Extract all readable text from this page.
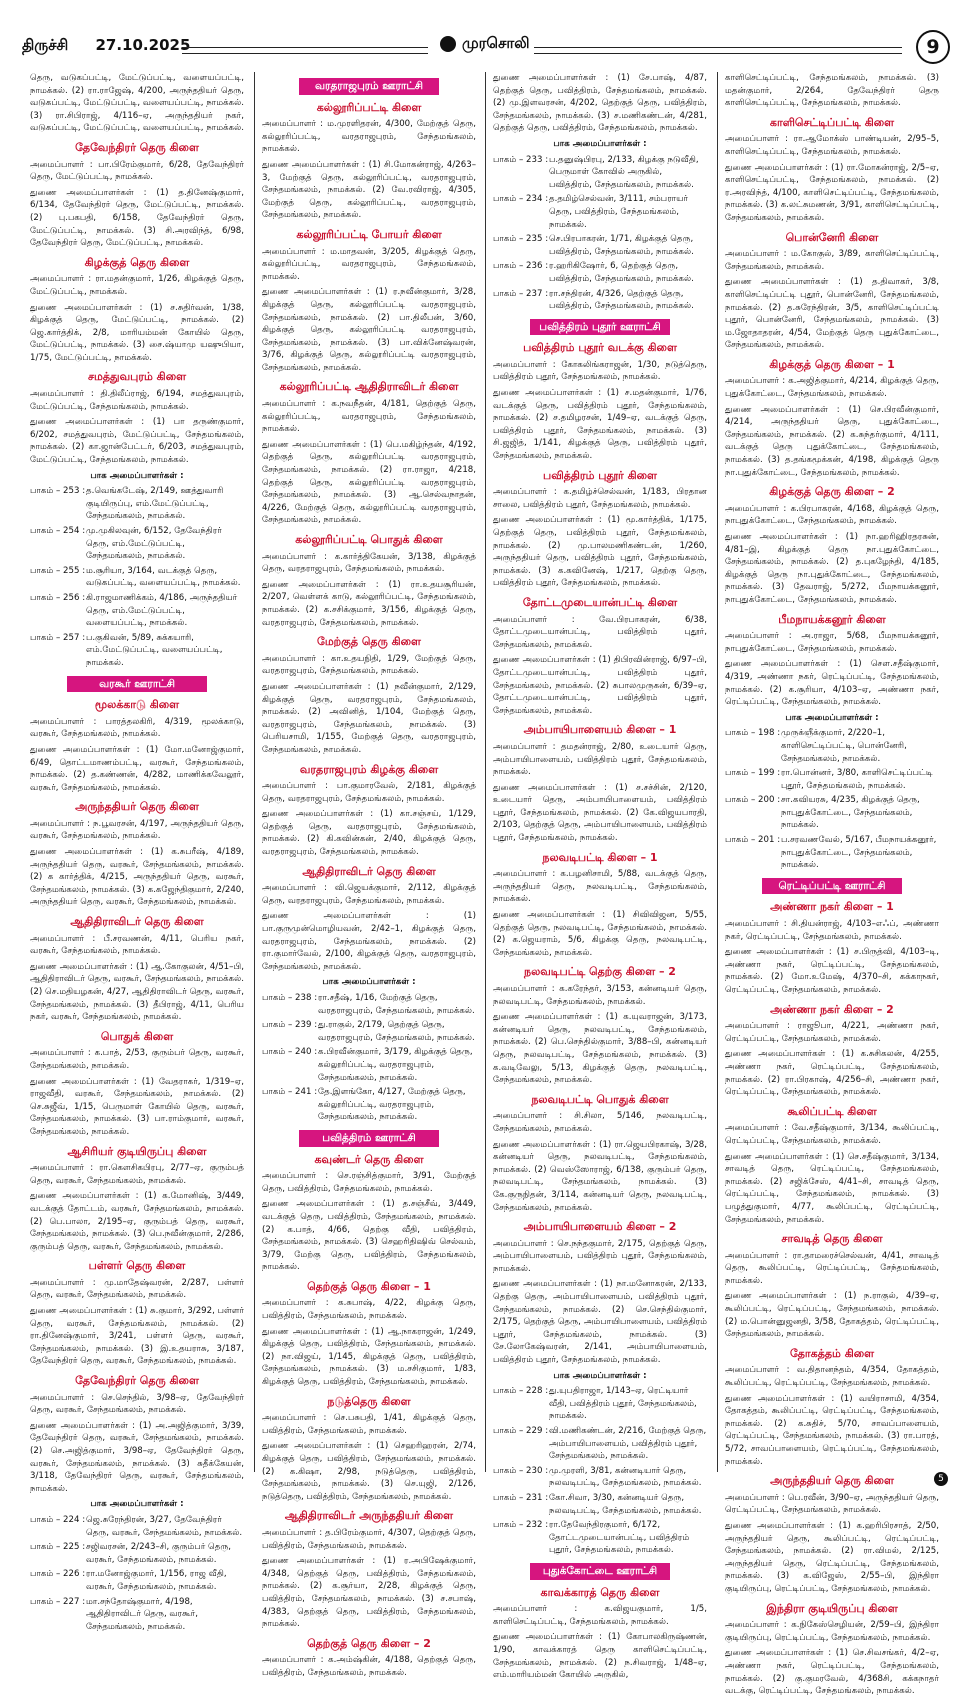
திருச்சி 27.10.2025	முரசொலி	9

தெரு, வடுகப்பட்டி, மேட்டுப்பட்டி, வளையப்பட்டி, நாமக்கல். (2) ரா.ராஜேஷ், 4/200, அருந்ததியர் தெரு, வடுகப்பட்டி, மேட்டுப்பட்டி, வளையப்பட்டி, நாமக்கல். (3) ரா.சிபிராஜ், 4/116–ஏ, அருந்ததியர் நகர், வடுகப்பட்டி, மேட்டுப்பட்டி, வளையப்பட்டி, நாமக்கல்.

தேவேந்திரர் தெரு கிளை

அமைப்பாளர் : பா.பிரேம்குமார், 6/28, தேவேந்திரர் தெரு, மேட்டுப்பட்டி, நாமக்கல்.

துணை அமைப்பாளர்கள் : (1) த.தினேஷ்குமார், 6/134, தேவேந்திரர் தெரு, மேட்டுப்பட்டி, நாமக்கல். (2) பு.பகபதி, 6/158, தேவேந்திரர் தெரு, மேட்டுப்பட்டி, நாமக்கல். (3) சி.அரவிந்த், 6/98, தேவேந்திரர் தெரு, மேட்டுப்பட்டி, நாமக்கல்.

கிழக்குத் தெரு கிளை

அமைப்பாளர் : ரா.மதன்குமார், 1/26, கிழக்குத் தெரு, மேட்டுப்பட்டி, நாமக்கல்.

துணை அமைப்பாளர்கள் : (1) ச.சுதிர்வன், 1/38, கிழக்குத் தெரு, மேட்டுப்பட்டி, நாமக்கல். (2) ஜெ.கார்த்திக், 2/8, மாரியம்மன் கோயில் தெரு, மேட்டுப்பட்டி, நாமக்கல். (3) சை.ஷ்யாமு யஷுபியா, 1/75, மேட்டுப்பட்டி, நாமக்கல்.

சமத்துவபுரம் கிளை

அமைப்பாளர் : தி.திலீப்ராஜ், 6/194, சமத்துவபுரம், மேட்டுப்பட்டி, சேந்தமங்கலம், நாமக்கல்.

துணை அமைப்பாளர்கள் : (1) பா தருண்குமார், 6/202, சமத்துவபுரம், மேட்டுப்பட்டி, சேந்தமங்கலம், நாமக்கல். (2) கா.ஜான்பேட்டர், 6/203, சமத்துவபுரம், மேட்டுப்பட்டி, சேந்தமங்கலம், நாமக்கல்.

பாக அமைப்பாளர்கள் :
பாகம் – 253 : த.வெங்கடேஷ், 2/149, ஊத்துவாரி குடியிருப்பு, எம்.மேட்டுப்பட்டி, சேந்தமங்கலம், நாமக்கல்.
பாகம் – 254 : மு.முகிலவுன், 6/152, தேவேந்திரர் தெரு, எம்.மேட்டுப்பட்டி, சேந்தமங்கலம், நாமக்கல்.
பாகம் – 255 : ம.சூரியா, 3/164, வடக்குத் தெரு, வடுகப்பட்டி, வளையப்பட்டி, நாமக்கல்.
பாகம் – 256 : கி.ராஜமாணிக்கம், 4/186, அருந்ததியர் தெரு, எம்.மேட்டுப்பட்டி, வளையப்பட்டி, நாமக்கல்.
பாகம் – 257 : ப.குகிவன், 5/89, சுக்கயாரி, எம்.மேட்டுப்பட்டி, வளையப்பட்டி, நாமக்கல்.
வரகூர் ஊராட்சி
மூலக்காடு கிளை

அமைப்பாளர் : பாரத்தலகிரி, 4/319, மூலக்காடு, வரகூர், சேந்தமங்கலம், நாமக்கல்.

துணை அமைப்பாளர்கள் : (1) மோ.மனோஜ்குமார், 6/49, தொட்டமாணம்பட்டி, வரகூர், சேந்தமங்கலம், நாமக்கல். (2) த.கண்ணன், 4/282, மாணிக்கவேலூர், வரகூர், சேந்தமங்கலம், நாமக்கல்.

அருந்ததியர் தெரு கிளை

அமைப்பாளர் : ந.பூவரசன், 4/197, அருந்ததியர் தெரு, வரகூர், சேந்தமங்கலம், நாமக்கல்.

துணை அமைப்பாளர்கள் : (1) க.சுபரீஷ், 4/189, அருந்ததியர் தெரு, வரகூர், சேந்தமங்கலம், நாமக்கல். (2) க கார்த்திக், 4/215, அருந்ததியர் தெரு, வரகூர், சேந்தமங்கலம், நாமக்கல். (3) க.கஜேந்திகுமார், 2/240, அருந்ததியர் தெரு, வரகூர், சேந்தமங்கலம், நாமக்கல்.

ஆதிதிராவிடர் தெரு கிளை

அமைப்பாளர் : பீ.சரவணன், 4/11, பெரிய நகர், வரகூர், சேந்தமங்கலம், நாமக்கல்.

துணை அமைப்பாளர்கள் : (1) ஆ.கோகுலன், 4/51–பி, ஆதிதிராவிடர் தெரு, வரகூர், சேந்தமங்கலம், நாமக்கல். (2) செ.மதியழகன், 4/27, ஆதிதிராவிடர் தெரு, வரகூர், சேந்தமங்கலம், நாமக்கல். (3) தீபிராஜ், 4/11, பெரிய நகர், வரகூர், சேந்தமங்கலம், நாமக்கல்.

பொதுக் கிளை

அமைப்பாளர் : க.பாத், 2/53, குரும்பர் தெரு, வரகூர், சேந்தமங்கலம், நாமக்கல்.

துணை அமைப்பாளர்கள் : (1) வேதராகர், 1/319–ஏ, ராஜவீதி, வரகூர், சேந்தமங்கலம், நாமக்கல். (2) செ.சுஜீவ், 1/15, பெருமாள் கோயில் தெரு, வரகூர், சேந்தமங்கலம், நாமக்கல். (3) பா.ராம்குமார், வரகூர், சேந்தமங்கலம், நாமக்கல்.

ஆசிரியர் குடியிருப்பு கிளை

அமைப்பாளர் : ரா.கௌசிகபிரபு, 2/77–ஏ, குரும்பத் தெரு, வரகூர், சேந்தமங்கலம், நாமக்கல்.

துணை அமைப்பாளர்கள் : (1) க.மோனிஷ், 3/449, வடக்குத் தோட்டம், வரகூர், சேந்தமங்கலம், நாமக்கல். (2) பெ.பாலா, 2/195–ஏ, குரும்பத் தெரு, வரகூர், சேந்தமங்கலம், நாமக்கல். (3) பெ.நவீன்குமார், 2/286, குரும்பத் தெரு, வரகூர், சேந்தமங்கலம், நாமக்கல்.

பள்ளர் தெரு கிளை

அமைப்பாளர் : மு.மாதேஷ்வரன், 2/287, பள்ளர் தெரு, வரகூர், சேந்தமங்கலம், நாமக்கல்.

துணை அமைப்பாளர்கள் : (1) சு.குமார், 3/292, பள்ளர் தெரு, வரகூர், சேந்தமங்கலம், நாமக்கல். (2) ரா.தினேஷ்குமார், 3/241, பள்ளர் தெரு, வரகூர், சேந்தமங்கலம், நாமக்கல். (3) இ.உதயராசு, 3/187, தேவேந்திரர் தெரு, வரகூர், சேந்தமங்கலம், நாமக்கல்.

தேவேந்திரர் தெரு கிளை

அமைப்பாளர் : செ.செந்தில், 3/98–ஏ, தேவேந்திரர் தெரு, வரகூர், சேந்தமங்கலம், நாமக்கல்.

துணை அமைப்பாளர்கள் : (1) அ.அஜித்குமார், 3/39, தேவேந்திரர் தெரு, வரகூர், சேந்தமங்கலம், நாமக்கல். (2) செ.அஜித்குமார், 3/98–ஏ, தேவேந்திரர் தெரு, வரகூர், சேந்தமங்கலம், நாமக்கல். (3) சுதீக்கேயன், 3/118, தேவேந்திரர் தெரு, வரகூர், சேந்தமங்கலம், நாமக்கல்.

பாக அமைப்பாளர்கள் :
பாகம் – 224 : ஜெ.சுரேந்திரன், 3/27, தேவேந்திரர் தெரு, வரகூர், சேந்தமங்கலம், நாமக்கல்.
பாகம் – 225 : சஜிவரசன், 2/243–சி, குரும்பர் தெரு, வரகூர், சேந்தமங்கலம், நாமக்கல்.
பாகம் – 226 : ரா.மனோஜ்குமார், 1/156, ராஜ வீதி, வரகூர், சேந்தமங்கலம், நாமக்கல்.
பாகம் – 227 : மா.சந்தோஷ்குமார், 4/198, ஆதிதிராவிடர் தெரு, வரகூர், சேந்தமங்கலம், நாமக்கல்.
வரதராஜபுரம் ஊராட்சி
கல்லூரிப்பட்டி கிளை

அமைப்பாளர் : ம.முரளிதரன், 4/300, மேற்குத் தெரு, கல்லூரிப்பட்டி, வரதராஜபுரம், சேந்தமங்கலம், நாமக்கல்.

துணை அமைப்பாளர்கள் : (1) சி.மோகன்ராஜ், 4/263–3, மேற்குத் தெரு, கல்லூரிப்பட்டி, வரதராஜபுரம், சேந்தமங்கலம், நாமக்கல். (2) வே.ரவிராஜ், 4/305, மேற்குத் தெரு, கல்லூரிப்பட்டி, வரதராஜபுரம், சேந்தமங்கலம், நாமக்கல்.

கல்லூரிப்பட்டி போயர் கிளை

அமைப்பாளர் : ம.மாதவன், 3/205, கிழக்குத் தெரு, கல்லூரிப்பட்டி, வரதராஜபுரம், சேந்தமங்கலம், நாமக்கல்.

துணை அமைப்பாளர்கள் : (1) ர.நவீன்குமார், 3/28, கிழக்குத் தெரு, கல்லூரிப்பட்டி வரதராஜபுரம், சேந்தமங்கலம், நாமக்கல். (2) பா.திலீபன், 3/60, கிழக்குத் தெரு, கல்லூரிப்பட்டி வரதராஜபுரம், சேந்தமங்கலம், நாமக்கல். (3) பா.விக்னேஷ்வரன், 3/76, கிழக்குத் தெரு, கல்லூரிப்பட்டி வரதராஜபுரம், சேந்தமங்கலம், நாமக்கல்.

கல்லூரிப்பட்டி ஆதிதிராவிடர் கிளை

அமைப்பாளர் : க.நவநீதன், 4/181, தெற்குத் தெரு, கல்லூரிப்பட்டி, வரதராஜபுரம், சேந்தமங்கலம், நாமக்கல்.

துணை அமைப்பாளர்கள் : (1) பெ.மகிழ்ந்தன், 4/192, தெற்குத் தெரு, கல்லூரிப்பட்டி வரதராஜபுரம், சேந்தமங்கலம், நாமக்கல். (2) ரா.ராஜா, 4/218, தெற்குத் தெரு, கல்லூரிப்பட்டி வரதராஜபுரம், சேந்தமங்கலம், நாமக்கல். (3) ஆ.செல்வநாதன், 4/226, மேற்குத் தெரு, கல்லூரிப்பட்டி வரதராஜபுரம், சேந்தமங்கலம், நாமக்கல்.

கல்லூரிப்பட்டி பொதுக் கிளை

அமைப்பாளர் : க.கார்த்திகேயன், 3/138, கிழக்குத் தெரு, வரதராஜபுரம், சேந்தமங்கலம், நாமக்கல்.

துணை அமைப்பாளர்கள் : (1) ரா.உதயசூரியன், 2/207, வெள்ளக் காடு, கல்லூரிப்பட்டி, சேந்தமங்கலம், நாமக்கல். (2) க.சசிக்குமார், 3/156, கிழக்குத் தெரு, வரதராஜபுரம், சேந்தமங்கலம், நாமக்கல்.

மேற்குத் தெரு கிளை

அமைப்பாளர் : கா.உதயநிதி, 1/29, மேற்குத் தெரு, வரதராஜபுரம், சேந்தமங்கலம், நாமக்கல்.

துணை அமைப்பாளர்கள் : (1) நவீன்குமார், 2/129, கிழக்குத் தெரு, வரதராஜபுரம், சேந்தமங்கலம், நாமக்கல். (2) அவினித், 1/104, மேற்குத் தெரு, வரதராஜபுரம், சேந்தமங்கலம், நாமக்கல். (3) பெரியசாமி, 1/155, மேற்குத் தெரு, வரதராஜபுரம், சேந்தமங்கலம், நாமக்கல்.

வரதராஜபுரம் கிழக்கு கிளை

அமைப்பாளர் : பா.குமாரவேல், 2/181, கிழக்குத் தெரு, வரதராஜபுரம், சேந்தமங்கலம், நாமக்கல்.

துணை அமைப்பாளர்கள் : (1) கா.சஞ்சய், 1/129, தெற்குத் தெரு, வரதராஜபுரம், சேந்தமங்கலம், நாமக்கல். (2) கி.கவின்கன், 2/40, கிழக்குத் தெரு, வரதராஜபுரம், சேந்தமங்கலம், நாமக்கல்.

ஆதிதிராவிடர் தெரு கிளை

அமைப்பாளர் : வி.ஜெயக்குமார், 2/112, கிழக்குத் தெரு, வரதராஜபுரம், சேந்தமங்கலம், நாமக்கல்.

துணை அமைப்பாளர்கள் : (1) பா.குருமுன்மொழியவன், 2/42–1, கிழக்குத் தெரு, வரதராஜபுரம், சேந்தமங்கலம், நாமக்கல். (2) ரா.குமார்வேல், 2/100, கிழக்குத் தெரு, வரதராஜபுரம், சேந்தமங்கலம், நாமக்கல்.

பாக அமைப்பாளர்கள் :
பாகம் – 238 : ரா.சதீஷ், 1/16, மேற்குத் தெரு, வரதராஜபுரம், சேந்தமங்கலம், நாமக்கல்.
பாகம் – 239 : து.ராகுல், 2/179, தெற்குத் தெரு, வரதராஜபுரம், சேந்தமங்கலம், நாமக்கல்.
பாகம் – 240 : க.பிரவீன்குமார், 3/179, கிழக்குத் தெரு, கல்லூரிப்பட்டி, வரதராஜபுரம், சேந்தமங்கலம், நாமக்கல்.
பாகம் – 241 : தே.இளங்கோ, 4/127, மேற்குத் தெரு, கல்லூரிப்பட்டி, வரதராஜபுரம், சேந்தமங்கலம், நாமக்கல்.
பவித்திரம் ஊராட்சி
கவுண்டர் தெரு கிளை

அமைப்பாளர் : செ.ரஞ்சித்குமார், 3/91, மேற்குத் தெரு, பவித்திரம், சேந்தமங்கலம், நாமக்கல்.

துணை அமைப்பாளர்கள் : (1) த.சஞ்சீவ், 3/449, வடக்குத் தெரு, பவித்திரம், சேந்தமங்கலம், நாமக்கல். (2) க.பாத், 4/66, தெற்கு வீதி, பவித்திரம், சேந்தமங்கலம், நாமக்கல். (3) செஹரிதிஷிவ் செல்வம், 3/79, மேற்கு தெரு, பவித்திரம், சேந்தமங்கலம், நாமக்கல்.

தெற்குத் தெரு கிளை – 1

அமைப்பாளர் : க.சுபாஷ், 4/22, கிழக்கு தெரு, பவித்திரம், சேந்தமங்கலம், நாமக்கல்.

துணை அமைப்பாளர்கள் : (1) ஆ.நாகராஜன், 1/249, கிழக்குத் தெரு, பவித்திரம், சேந்தமங்கலம், நாமக்கல். (2) நா.விஜய், 1/145, கிழக்குத் தெரு, பவித்திரம், சேந்தமங்கலம், நாமக்கல். (3) ம.சசிகுமார், 1/83, கிழக்குத் தெரு, பவித்திரம், சேந்தமங்கலம், நாமக்கல்.

நடுத்தெரு கிளை

அமைப்பாளர் : செ.பசுபதி, 1/41, கிழக்குத் தெரு, பவித்திரம், சேந்தமங்கலம், நாமக்கல்.

துணை அமைப்பாளர்கள் : (1) செஹரிஹரன், 2/74, கிழக்குத் தெரு, பவித்திரம், சேந்தமங்கலம், நாமக்கல். (2) க.கிஷா, 2/98, நடுத்தெரு, பவித்திரம், சேந்தமங்கலம், நாமக்கல். (3) செ.யுஜி, 2/126, நடுத்தெரு, பவித்திரம், சேந்தமங்கலம், நாமக்கல்.

ஆதிதிராவிடர் அருந்ததியர் கிளை

அமைப்பாளர் : த.பிரேம்குமார், 4/307, தெற்குத் தெரு, பவித்திரம், சேந்தமங்கலம், நாமக்கல்.

துணை அமைப்பாளர்கள் : (1) ர.அபிஷேக்குமார், 4/348, தெற்குத் தெரு, பவித்திரம், சேந்தமங்கலம், நாமக்கல். (2) க.சூர்யா, 2/28, கிழக்குத் தெரு, பவித்திரம், சேந்தமங்கலம், நாமக்கல். (3) ச.சபாஷ், 4/383, தெற்குத் தெரு, பவித்திரம், சேந்தமங்கலம், நாமக்கல்.

தெற்குத் தெரு கிளை – 2

அமைப்பாளர் : க.அம்ஷ்கின், 4/188, தெற்குத் தெரு, பவித்திரம், சேந்தமங்கலம், நாமக்கல்.

துணை அமைப்பாளர்கள் : (1) சே.பாஷ், 4/87, தெற்குத் தெரு, பவித்திரம், சேந்தமங்கலம், நாமக்கல். (2) மு.இளவரசன், 4/202, தெற்குத் தெரு, பவித்திரம், சேந்தமங்கலம், நாமக்கல். (3) ச.மணிகண்டன், 4/281, தெற்குத் தெரு, பவித்திரம், சேந்தமங்கலம், நாமக்கல்.

பாக அமைப்பாளர்கள் :
பாகம் – 233 : ப.தனுஷ்பிரபு, 2/133, கிழக்கு நடுவீதி, பெருமாள் கோவில் அருகில், பவித்திரம், சேந்தமங்கலம், நாமக்கல்.
பாகம் – 234 : த.தமிழ்செல்வன், 3/111, சம்பராயர் தெரு, பவித்திரம், சேந்தமங்கலம், நாமக்கல்.
பாகம் – 235 : செ.பிரபாகரன், 1/71, கிழக்குத் தெரு, பவித்திரம், சேந்தமங்கலம், நாமக்கல்.
பாகம் – 236 : ர.ஹரிகிஷோர், 6, தெற்குத் தெரு, பவித்திரம், சேந்தமங்கலம், நாமக்கல்.
பாகம் – 237 : ரா.சந்திரன், 4/326, தெற்குத் தெரு, பவித்திரம், சேந்தமங்கலம், நாமக்கல்.
பவித்திரம் புதூர் ஊராட்சி
பவித்திரம் புதூர் வடக்கு கிளை

அமைப்பாளர் : கோகலிங்கராஜன், 1/30, நடுத்தெரு, பவித்திரம் புதூர், சேந்தமங்கலம், நாமக்கல்.

துணை அமைப்பாளர்கள் : (1) ச.மதன்குமார், 1/76, வடக்குத் தெரு, பவித்திரம் புதூர், சேந்தமங்கலம், நாமக்கல். (2) ச.தமிழரசன், 1/49–ஏ, வடக்குத் தெரு, பவித்திரம் புதூர், சேந்தமங்கலம், நாமக்கல். (3) சி.ஜஜித், 1/141, கிழக்குத் தெரு, பவித்திரம் புதூர், சேந்தமங்கலம், நாமக்கல்.

பவித்திரம் புதூர் கிளை

அமைப்பாளர் : க.தமிழ்ச்செல்வன், 1/183, பிரதான சாலை, பவித்திரம் புதூர், சேந்தமங்கலம், நாமக்கல்.

துணை அமைப்பாளர்கள் : (1) மூ.கார்த்திக், 1/175, தெற்குத் தெரு, பவித்திரம் புதூர், சேந்தமங்கலம், நாமக்கல். (2) மு.பாலமணிகண்டன், 1/260, அருந்ததியர் தெரு, பவித்திரம் புதூர், சேந்தமங்கலம், நாமக்கல். (3) க.கவினேஷ், 1/217, தெற்கு தெரு, பவித்திரம் புதூர், சேந்தமங்கலம், நாமக்கல்.

தோட்டமுடையான்பட்டி கிளை

அமைப்பாளர் : வே.பிரபாகரன், 6/38, தோட்டமுடையான்பட்டி, பவித்திரம் புதூர், சேந்தமங்கலம், நாமக்கல்.

துணை அமைப்பாளர்கள் : (1) திபிரவின்ராஜ், 6/97–பி, தோட்டமுடையான்பட்டி, பவித்திரம் புதூர், சேந்தமங்கலம், நாமக்கல். (2) சுபாலமுருகன், 6/39–ஏ, தோட்டமுடையான்பட்டி, பவித்திரம் புதூர், சேந்தமங்கலம், நாமக்கல்.

அம்பாயிபாளையம் கிளை – 1

அமைப்பாளர் : தமதன்ராஜ், 2/80, உடையார் தெரு, அம்பாயிபாளையம், பவித்திரம் புதூர், சேந்தமங்கலம், நாமக்கல்.

துணை அமைப்பாளர்கள் : (1) ச.சச்சின், 2/120, உடையார் தெரு, அம்பாயிபாளையம், பவித்திரம் புதூர், சேந்தமங்கலம், நாமக்கல். (2) கே.விஜயபாரதி, 2/103, தெற்குத் தெரு, அம்பாயிபாளையம், பவித்திரம் புதூர், சேந்தமங்கலம், நாமக்கல்.

நலவடிபட்டி கிளை – 1

அமைப்பாளர் : க.பழனிசாமி, 5/88, வடக்குத் தெரு, அருந்ததியர் தெரு, நலவடிபட்டி, சேந்தமங்கலம், நாமக்கல்.

துணை அமைப்பாளர்கள் : (1) சிவிவிஜன, 5/55, தெற்குத் தெரு, நலவடிபட்டி, சேந்தமங்கலம், நாமக்கல். (2) க.ஜெயராம், 5/6, கிழக்கு தெரு, நலவடிபட்டி, சேந்தமங்கலம், நாமக்கல்.

நலவடிபட்டி தெற்கு கிளை – 2

அமைப்பாளர் : க.கரேந்தர், 3/153, கன்னடியர் தெரு, நலவடிபட்டி, சேந்தமங்கலம், நாமக்கல்.

துணை அமைப்பாளர்கள் : (1) க.யுவராஜன், 3/173, கன்னடியர் தெரு, நலவடிபட்டி, சேந்தமங்கலம், நாமக்கல். (2) பெ.செந்தில்குமார், 3/88–பி, கன்னடியர் தெரு, நலவடிபட்டி, சேந்தமங்கலம், நாமக்கல். (3) க.வடிவேலு, 5/13, கிழக்குத் தெரு, நலவடிபட்டி, சேந்தமங்கலம், நாமக்கல்.

நலவடிபட்டி பொதுக் கிளை

அமைப்பாளர் : சி.சிலா, 5/146, நலவடிபட்டி, சேந்தமங்கலம், நாமக்கல்.

துணை அமைப்பாளர்கள் : (1) ரா.ஜெயபிரகாஷ், 3/28, கன்னடியர் தெரு, நலவடிபட்டி, சேந்தமங்கலம், நாமக்கல். (2) வெஸ்ஸோராஜ், 6/138, குரும்பர் தெரு, நலவடிபட்டி, சேந்தமங்கலம், நாமக்கல். (3) கே.குருநிதன், 3/114, கன்னடியர் தெரு, நலவடிபட்டி, சேந்தமங்கலம், நாமக்கல்.

அம்பாயிபாளையம் கிளை – 2

அமைப்பாளர் : செ.நந்தகுமார், 2/175, தெற்குத் தெரு, அம்பாயிபாளையம், பவித்திரம் புதூர், சேந்தமங்கலம், நாமக்கல்.

துணை அமைப்பாளர்கள் : (1) நா.மனோகரன், 2/133, தெற்கு தெரு, அம்பாயிபாளையம், பவித்திரம் புதூர், சேந்தமங்கலம், நாமக்கல். (2) செ.செந்தில்குமார், 2/175, தெற்குத் தெரு, அம்பாயிபாளையம், பவித்திரம் புதூர், சேந்தமங்கலம், நாமக்கல். (3) சே.லோகேஷ்வரன், 2/141, அம்பாயிபாளையம், பவித்திரம் புதூர், சேந்தமங்கலம், நாமக்கல்.

பாக அமைப்பாளர்கள் :
பாகம் – 228 : து.யுபதிராஜா, 1/143–ஏ, ரெட்டியார் வீதி, பவித்திரம் புதூர், சேந்தமங்கலம், நாமக்கல்.
பாகம் – 229 : வி.மணிகண்டன், 2/216, மேற்குத் தெரு, அம்பாயிபாளையம், பவித்திரம் புதூர், சேந்தமங்கலம், நாமக்கல்.
பாகம் – 230 : மு.முரளி, 3/81, கன்னடியார் தெரு, நலவடிபட்டி, சேந்தமங்கலம், நாமக்கல்.
பாகம் – 231 : கோ.சிவா, 3/30, கன்னடியர் தெரு, நலவடிபட்டி, சேந்தமங்கலம், நாமக்கல்.
பாகம் – 232 : ரா.தேவேந்திரகுமார், 6/172, தோட்டமுடையான்பட்டி, பவித்திரம் புதூர், சேந்தமங்கலம், நாமக்கல்.
புதுக்கோட்டை ஊராட்சி
காவக்காரத் தெரு கிளை

அமைப்பாளர் : க.விஜயகுமார், 1/5, காளிசெட்டிப்பட்டி, சேந்தமங்கலம், நாமக்கல்.

துணை அமைப்பாளர்கள் : (1) கோபாலகிருஷ்ணன், 1/90, காவக்காரத் தெரு காளிசெட்டிப்பட்டி, சேந்தமங்கலம், நாமக்கல். (2) ந.சிவராஜ், 1/48–ஏ, எம்.மாரியம்மன் கோயில் அருகில்,

காளிசெட்டிப்பட்டி, சேந்தமங்கலம், நாமக்கல். (3) மதன்குமார், 2/264, தேவேந்திரர் தெரு காளிசெட்டிப்பட்டி, சேந்தமங்கலம், நாமக்கல்.

காளிசெட்டிப்பட்டி கிளை

அமைப்பாளர் : ரா.ஆமோக்ஸ் பாண்டியன், 2/95–5, காளிசெட்டிப்பட்டி, சேந்தமங்கலம், நாமக்கல்.

துணை அமைப்பாளர்கள் : (1) ரா.மோகன்ராஜ், 2/5–ஏ, காளிசெட்டிப்பட்டி, சேந்தமங்கலம், நாமக்கல். (2) ர.அரவிந்த், 4/100, காளிசெட்டிப்பட்டி, சேந்தமங்கலம், நாமக்கல். (3) க.லட்சுமணன், 3/91, காளிசெட்டிப்பட்டி, சேந்தமங்கலம், நாமக்கல்.

பொன்னேரி கிளை

அமைப்பாளர் : ம.கோகுல், 3/89, காளிசெட்டிப்பட்டி, சேந்தமங்கலம், நாமக்கல்.

துணை அமைப்பாளர்கள் : (1) த.திவாகர், 3/8, காளிசெட்டிப்பட்டி புதூர், பொன்னேரி, சேந்தமங்கலம், நாமக்கல். (2) த.சுரேந்திரன், 3/5, காளிசெட்டிப்பட்டி புதூர், பொன்னேரி, சேந்தமங்கலம், நாமக்கல். (3) ம.ஜோதாதரன், 4/54, மேற்குத் தெரு புதுக்கோட்டை, சேந்தமங்கலம், நாமக்கல்.

கிழக்குத் தெரு கிளை – 1

அமைப்பாளர் : க.அஜித்குமார், 4/214, கிழக்குத் தெரு, புதுக்கோட்டை, சேந்தமங்கலம், நாமக்கல்.

துணை அமைப்பாளர்கள் : (1) செ.பிரவீன்குமார், 4/214, அருந்ததியர் தெரு, புதுக்கோட்டை, சேந்தமங்கலம், நாமக்கல். (2) க.சுந்தர்குமார், 4/111, வடக்குத் தெரு புதுக்கோட்டை, சேந்தமங்கலம், நாமக்கல். (3) த.தங்கமூக்கன், 4/198, கிழக்குத் தெரு நா.புதுக்கோட்டை, சேந்தமங்கலம், நாமக்கல்.

கிழக்குத் தெரு கிளை – 2

அமைப்பாளர் : க.பிரபாகரன், 4/168, கிழக்குத் தெரு, நாபுதுக்கோட்டை, சேந்தமங்கலம், நாமக்கல்.

துணை அமைப்பாளர்கள் : (1) நா.ஹரிஹிரதரசுன், 4/81–இ, கிழக்குத் தெரு நா.புதுக்கோட்டை, சேந்தமங்கலம், நாமக்கல். (2) த.புகழேந்தி, 4/185, கிழக்குத் தெரு நா.புதுக்கோட்டை, சேந்தமங்கலம், நாமக்கல். (3) தேவராஜ், 5/272, பீமநாயக்கனூர், நாபுதுக்கோட்டை, சேந்தமங்கலம், நாமக்கல்.

பீமநாயக்கனூர் கிளை

அமைப்பாளர் : அ.ராஜா, 5/68, பீமநாயக்கனூர், நாபுதுக்கோட்டை, சேந்தமங்கலம், நாமக்கல்.

துணை அமைப்பாளர்கள் : (1) சௌ.சதீஷ்குமார், 4/319, அண்ணா நகர், ரெட்டிப்பட்டி, சேந்தமங்கலம், நாமக்கல். (2) க.சூரியா, 4/103–ஏ, அண்ணா நகர், ரெட்டிப்பட்டி, சேந்தமங்கலம், நாமக்கல்.

பாக அமைப்பாளர்கள் :
பாகம் – 198 : முருக்ஞீக்குமார், 2/220–1, காளிசெட்டிப்பட்டி, பொன்னேரி, சேந்தமங்கலம், நாமக்கல்.
பாகம் – 199 : ரா.பொன்னர், 3/80, காளிசெட்டிப்பட்டி புதூர், சேந்தமங்கலம், நாமக்கல்.
பாகம் – 200 : சா.கவியரசு, 4/235, கிழக்குத் தெரு, நாபுதுக்கோட்டை, சேந்தமங்கலம், நாமக்கல்.
பாகம் – 201 : ப.சரவணவேல், 5/167, பீமநாயக்கனூர், நாபுதுக்கோட்டை, சேந்தமங்கலம், நாமக்கல்.
ரெட்டிப்பட்டி ஊராட்சி
அண்ணா நகர் கிளை – 1

அமைப்பாளர் : சி.தியன்ராஜ், 4/103–எஃப், அண்ணா நகர், ரெட்டிப்பட்டி, சேந்தமங்கலம், நாமக்கல்.

துணை அமைப்பாளர்கள் : (1) ச.பிருத்வி, 4/103–டி, அண்ணா நகர், ரெட்டிப்பட்டி, சேந்தமங்கலம், நாமக்கல். (2) மோ.உமேஷ், 4/370–சி, கக்காநகர், ரெட்டிப்பட்டி, சேந்தமங்கலம், நாமக்கல்.

அண்ணா நகர் கிளை – 2

அமைப்பாளர் : ராஜூபா, 4/221, அண்ணா நகர், ரெட்டிப்பட்டி, சேந்தமங்கலம், நாமக்கல்.

துணை அமைப்பாளர்கள் : (1) க.சுசிகலன், 4/255, அண்ணா நகர், ரெட்டிப்பட்டி, சேந்தமங்கலம், நாமக்கல். (2) ரா.பிரகாஷ், 4/256–சி, அண்ணா நகர், ரெட்டிப்பட்டி, சேந்தமங்கலம், நாமக்கல்.

கூலிப்பட்டி கிளை

அமைப்பாளர் : வே.சதீஷ்குமார், 3/134, கூலிப்பட்டி, ரெட்டிப்பட்டி, சேந்தமங்கலம், நாமக்கல்.

துணை அமைப்பாளர்கள் : (1) செ.சதீஷ்குமார், 3/134, சாவடித் தெரு, ரெட்டிப்பட்டி, சேந்தமங்கலம், நாமக்கல். (2) சஜிக்சேஸ், 4/41–சி, சாவடித் தெரு, ரெட்டிப்பட்டி, சேந்தமங்கலம், நாமக்கல். (3) பழுத்துகுமார், 4/77, கூலிப்பட்டி, ரெட்டிப்பட்டி, சேந்தமங்கலம், நாமக்கல்.

சாவடித் தெரு கிளை

அமைப்பாளர் : ரா.தாமரைச்செல்வன், 4/41, சாவடித் தெரு, கூலிப்பட்டி, ரெட்டிப்பட்டி, சேந்தமங்கலம், நாமக்கல்.

துணை அமைப்பாளர்கள் : (1) ந.ராகுல், 4/39–ஏ, கூலிப்பட்டி, ரெட்டிப்பட்டி, சேந்தமங்கலம், நாமக்கல். (2) ம.பொன்னுஜனதி, 3/58, தோகத்தம், ரெட்டிப்பட்டி, சேந்தமங்கலம், நாமக்கல்.

தோகத்தம் கிளை

அமைப்பாளர் : வ.திதானந்தம், 4/354, தோகத்தம், கூலிப்பட்டி, ரெட்டிப்பட்டி, சேந்தமங்கலம், நாமக்கல்.

துணை அமைப்பாளர்கள் : (1) வயிராசாமி, 4/354, தோகத்தம், கூலிப்பட்டி, ரெட்டிப்பட்டி, சேந்தமங்கலம், நாமக்கல். (2) க.சுதிச், 5/70, சாவப்பாளையம், ரெட்டிப்பட்டி, சேந்தமங்கலம், நாமக்கல். (3) ரா.பாரத், 5/72, சாவப்பாளையம், ரெட்டிப்பட்டி, சேந்தமங்கலம், நாமக்கல்.

அருந்ததியர் தெரு கிளை

அமைப்பாளர் : பெ.ரவீன், 3/90–ஏ, அருந்ததியர் தெரு, ரெட்டிப்பட்டி, சேந்தமங்கலம், நாமக்கல்.

துணை அமைப்பாளர்கள் : (1) க.ஹரிபிரசாத், 2/50, அருந்ததியர் தெரு, கூலிப்பட்டி, ரெட்டிப்பட்டி, சேந்தமங்கலம், நாமக்கல். (2) ரா.விமல், 2/125, அருந்ததியர் தெரு, ரெட்டிப்பட்டி, சேந்தமங்கலம், நாமக்கல். (3) க.விஜேஸ், 2/55–பி, இந்திரா குடியிருப்பு, ரெட்டிப்பட்டி, சேந்தமங்கலம், நாமக்கல்.

இந்திரா குடியிருப்பு கிளை

அமைப்பாளர் : க.நிகேஸ்செழியன், 2/59–பி, இந்திரா குடியிருப்பு, ரெட்டிப்பட்டி, சேந்தமங்கலம், நாமக்கல்.

துணை அமைப்பாளர்கள் : (1) செ.சிவசங்கர், 4/2–ஏ, அண்ணா நகர், ரெட்டிப்பட்டி, சேந்தமங்கலம், நாமக்கல். (2) கு.குமரவேல், 4/368சி, கக்கநாதர் வடக்கு, ரெட்டிப்பட்டி, சேந்தமங்கலம், நாமக்கல்.

5
